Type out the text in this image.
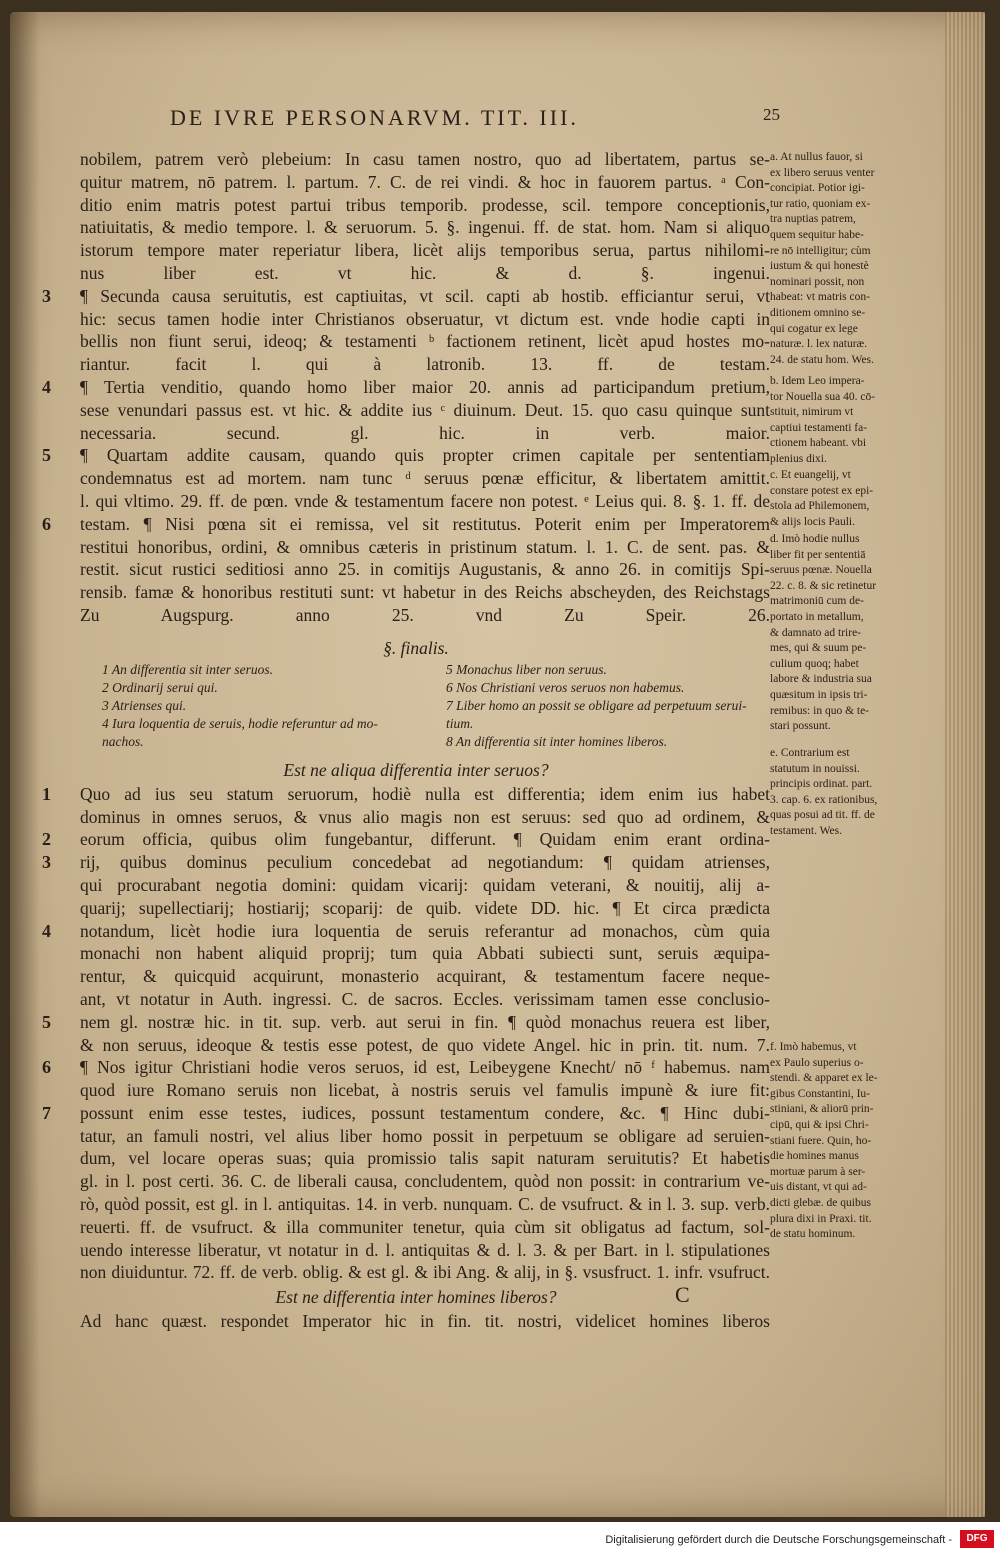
DE IVRE PERSONARVM. TIT. III.	25
nobilem, patrem verò plebeium: In casu tamen nostro, quo ad libertatem, partus se-
quitur matrem, nō patrem. l. partum. 7. C. de rei vindi. & hoc in fauorem partus. ᵃ Con-
ditio enim matris potest partui tribus temporib. prodesse, scil. tempore conceptionis,
natiuitatis, & medio tempore. l. & seruorum. 5. §. ingenui. ff. de stat. hom. Nam si aliquo
istorum tempore mater reperiatur libera, licèt alijs temporibus serua, partus nihilomi-
nus liber est. vt hic. & d. §. ingenui.
3	¶ Secunda causa seruitutis, est captiuitas, vt scil. capti ab hostib. efficiantur serui, vt
hic: secus tamen hodie inter Christianos obseruatur, vt dictum est. vnde hodie capti in
bellis non fiunt serui, ideoq; & testamenti ᵇ factionem retinent, licèt apud hostes mo-
riantur. facit l. qui à latronib. 13. ff. de testam.
4	¶ Tertia venditio, quando homo liber maior 20. annis ad participandum pretium,
sese venundari passus est. vt hic. & addite ius ᶜ diuinum. Deut. 15. quo casu quinque sunt
necessaria. secund. gl. hic. in verb. maior.
5	¶ Quartam addite causam, quando quis propter crimen capitale per sententiam
condemnatus est ad mortem. nam tunc ᵈ seruus pœnæ efficitur, & libertatem amittit.
l. qui vltimo. 29. ff. de pœn. vnde & testamentum facere non potest. ᵉ Leius qui. 8. §. 1. ff. de
6	testam. ¶ Nisi pœna sit ei remissa, vel sit restitutus. Poterit enim per Imperatorem
restitui honoribus, ordini, & omnibus cæteris in pristinum statum. l. 1. C. de sent. pas. &
restit. sicut rustici seditiosi anno 25. in comitijs Augustanis, & anno 26. in comitijs Spi-
rensib. famæ & honoribus restituti sunt: vt habetur in des Reichs abscheyden, des Reichstags
Zu Augspurg. anno 25. vnd Zu Speir. 26.
§. finalis.
1 An differentia sit inter seruos.
2 Ordinarij serui qui.
3 Atrienses qui.
4 Iura loquentia de seruis, hodie referuntur ad mo-
nachos.
5 Monachus liber non seruus.
6 Nos Christiani veros seruos non habemus.
7 Liber homo an possit se obligare ad perpetuum serui-
tium.
8 An differentia sit inter homines liberos.
Est ne aliqua differentia inter seruos?
1	Quo ad ius seu statum seruorum, hodiè nulla est differentia; idem enim ius habet
dominus in omnes seruos, & vnus alio magis non est seruus: sed quo ad ordinem, &
2	eorum officia, quibus olim fungebantur, differunt. ¶ Quidam enim erant ordina-
3	rij, quibus dominus peculium concedebat ad negotiandum: ¶ quidam atrienses,
qui procurabant negotia domini: quidam vicarij: quidam veterani, & nouitij, alij a-
quarij; supellectiarij; hostiarij; scoparij: de quib. videte DD. hic. ¶ Et circa prædicta
4	notandum, licèt hodie iura loquentia de seruis referantur ad monachos, cùm quia
monachi non habent aliquid proprij; tum quia Abbati subiecti sunt, seruis æquipa-
rentur, & quicquid acquirunt, monasterio acquirant, & testamentum facere neque-
ant, vt notatur in Auth. ingressi. C. de sacros. Eccles. verissimam tamen esse conclusio-
5	nem gl. nostræ hic. in tit. sup. verb. aut serui in fin. ¶ quòd monachus reuera est liber,
& non seruus, ideoque & testis esse potest, de quo videte Angel. hic in prin. tit. num. 7.
6	¶ Nos igitur Christiani hodie veros seruos, id est, Leibeygene Knecht/ nō ᶠ habemus. nam
quod iure Romano seruis non licebat, à nostris seruis vel famulis impunè & iure fit:
7	possunt enim esse testes, iudices, possunt testamentum condere, &c. ¶ Hinc dubi-
tatur, an famuli nostri, vel alius liber homo possit in perpetuum se obligare ad seruien-
dum, vel locare operas suas; quia promissio talis sapit naturam seruitutis? Et habetis
gl. in l. post certi. 36. C. de liberali causa, concludentem, quòd non possit: in contrarium ve-
rò, quòd possit, est gl. in l. antiquitas. 14. in verb. nunquam. C. de vsufruct. & in l. 3. sup. verb.
reuerti. ff. de vsufruct. & illa communiter tenetur, quia cùm sit obligatus ad factum, sol-
uendo interesse liberatur, vt notatur in d. l. antiquitas & d. l. 3. & per Bart. in l. stipulationes
non diuiduntur. 72. ff. de verb. oblig. & est gl. & ibi Ang. & alij, in §. vsusfruct. 1. infr. vsufruct.
Est ne differentia inter homines liberos?
Ad hanc quæst. respondet Imperator hic in fin. tit. nostri, videlicet homines liberos
C
a. At nullus fauor, si
ex libero seruus venter
concipiat. Potior igi-
tur ratio, quoniam ex-
tra nuptias patrem,
quem sequitur habe-
re nō intelligitur; cùm
iustum & qui honestè
nominari possit, non
habeat: vt matris con-
ditionem omnino se-
qui cogatur ex lege
naturæ. l. lex naturæ.
24. de statu hom. Wes.
b. Idem Leo impera-
tor Nouella sua 40. cō-
stituit, nimirum vt
captiui testamenti fa-
ctionem habeant. vbi
plenius dixi.
c. Et euangelij, vt
constare potest ex epi-
stola ad Philemonem,
& alijs locis Pauli.
d. Imò hodie nullus
liber fit per sententiā
seruus pœnæ. Nouella
22. c. 8. & sic retinetur
matrimoniū cum de-
portato in metallum,
& damnato ad trire-
mes, qui & suum pe-
culium quoq; habet
labore & industria sua
quæsitum in ipsis tri-
remibus: in quo & te-
stari possunt.
e. Contrarium est
statutum in nouissi.
principis ordinat. part.
3. cap. 6. ex rationibus,
quas posui ad tit. ff. de
testament. Wes.
f. Imò habemus, vt
ex Paulo superius o-
stendi. & apparet ex le-
gibus Constantini, Iu-
stiniani, & aliorū prin-
cipū, qui & ipsi Chri-
stiani fuere. Quin, ho-
die homines manus
mortuæ parum à ser-
uis distant, vt qui ad-
dicti glebæ. de quibus
plura dixi in Praxi. tit.
de statu hominum.
Digitalisierung gefördert durch die Deutsche Forschungsgemeinschaft -	DFG
